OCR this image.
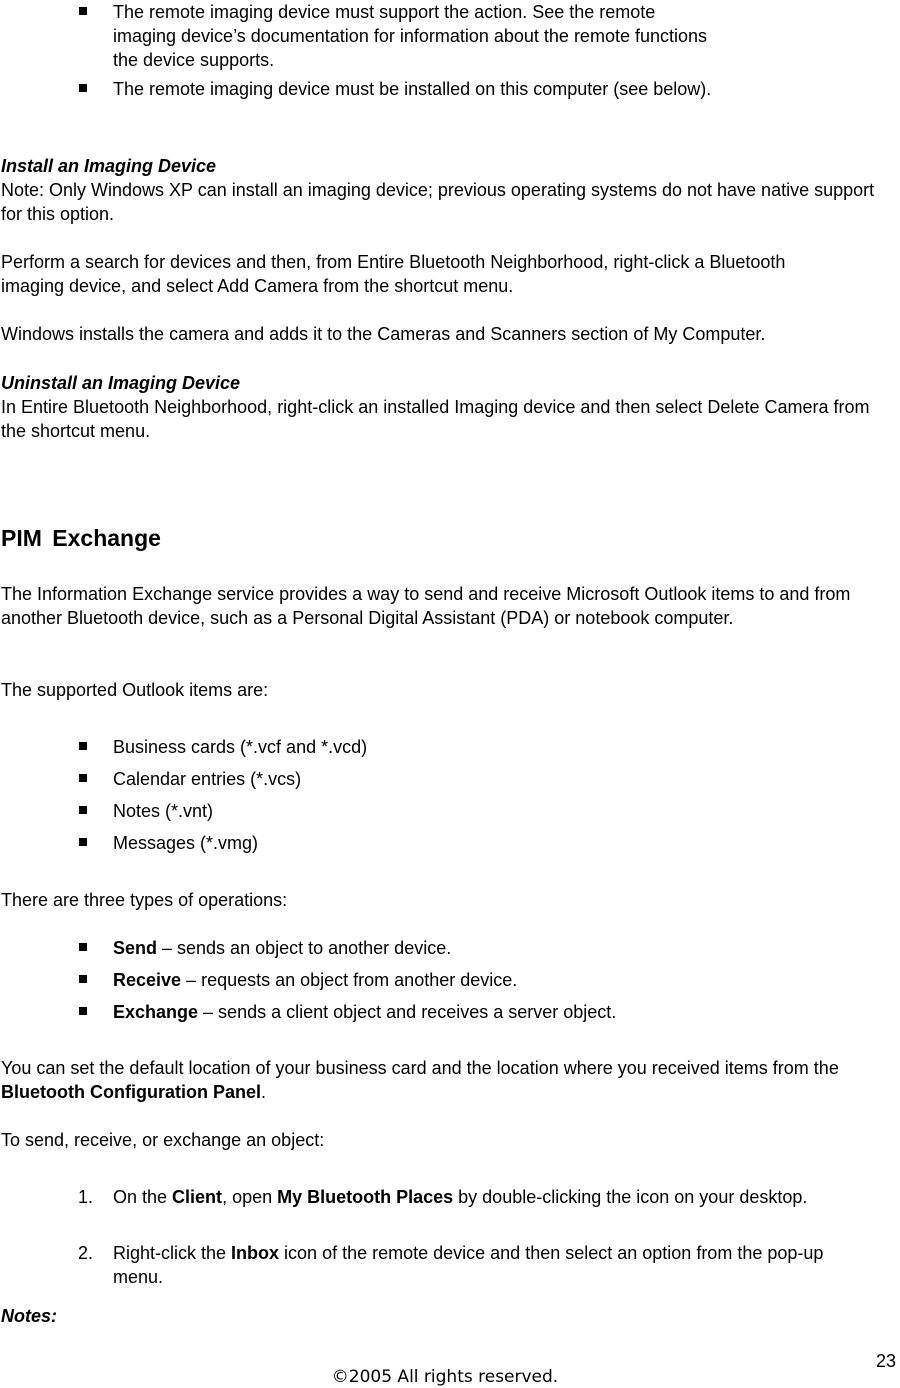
The remote imaging device must support the action. See the remote imaging device’s documentation for information about the remote functions the device supports.
The remote imaging device must be installed on this computer (see below).
Install an Imaging Device
Note: Only Windows XP can install an imaging device; previous operating systems do not have native support for this option.
Perform a search for devices and then, from Entire Bluetooth Neighborhood, right-click a Bluetooth imaging device, and select Add Camera from the shortcut menu.
Windows installs the camera and adds it to the Cameras and Scanners section of My Computer.
Uninstall an Imaging Device
In Entire Bluetooth Neighborhood, right-click an installed Imaging device and then select Delete Camera from the shortcut menu.
PIM Exchange
The Information Exchange service provides a way to send and receive Microsoft Outlook items to and from another Bluetooth device, such as a Personal Digital Assistant (PDA) or notebook computer.
The supported Outlook items are:
Business cards (*.vcf and *.vcd)
Calendar entries (*.vcs)
Notes (*.vnt)
Messages (*.vmg)
There are three types of operations:
Send – sends an object to another device.
Receive – requests an object from another device.
Exchange – sends a client object and receives a server object.
You can set the default location of your business card and the location where you received items from the Bluetooth Configuration Panel.
To send, receive, or exchange an object:
1.	On the Client, open My Bluetooth Places by double-clicking the icon on your desktop.
2.	Right-click the Inbox icon of the remote device and then select an option from the pop-up menu.
Notes:
23
©2005 All rights reserved.
